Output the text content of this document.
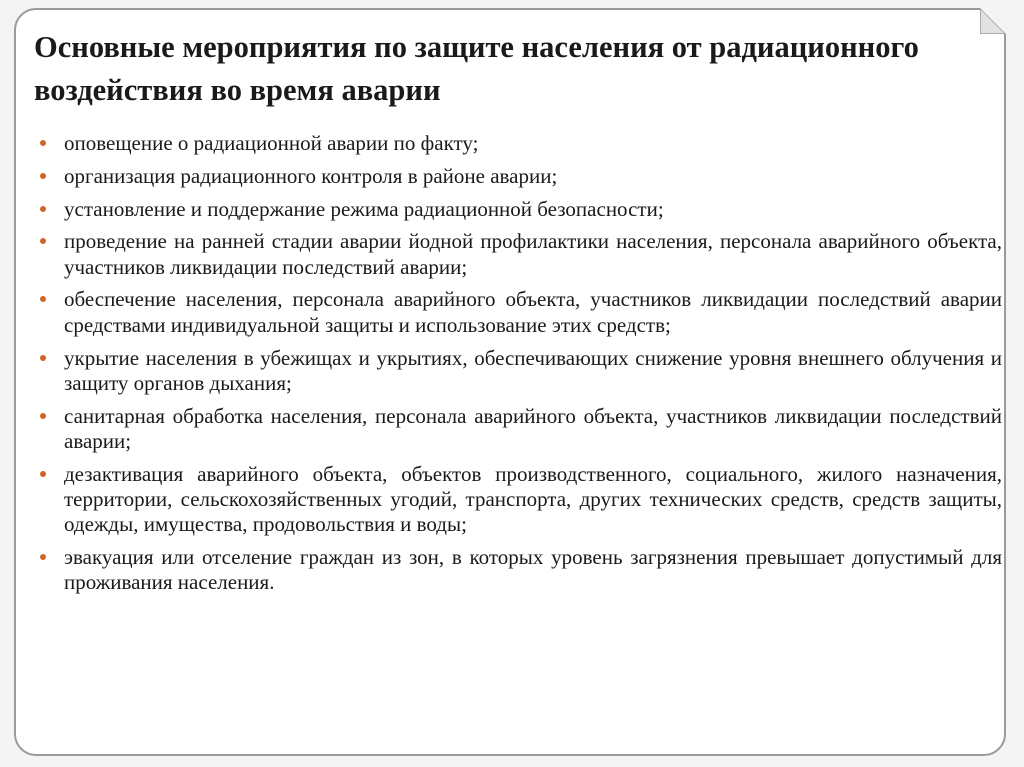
Основные мероприятия по защите населения от радиационного воздействия во время аварии
оповещение о радиационной аварии по факту;
организация радиационного контроля в районе аварии;
установление и поддержание режима радиационной безопасности;
проведение на ранней стадии аварии йодной профилактики населения, персонала аварийного объекта, участников ликвидации последствий аварии;
обеспечение населения, персонала аварийного объекта, участников ликвидации последствий аварии средствами индивидуальной защиты и использование этих средств;
укрытие населения в убежищах и укрытиях, обеспечивающих снижение уровня внешнего облучения и защиту органов дыхания;
санитарная обработка населения, персонала аварийного объекта, участников ликвидации последствий аварии;
дезактивация аварийного объекта, объектов производственного, социального, жилого назначения, территории, сельскохозяйственных угодий, транспорта, других технических средств, средств защиты, одежды, имущества, продовольствия и воды;
эвакуация или отселение граждан из зон, в которых уровень загрязнения превышает допустимый для проживания населения.
